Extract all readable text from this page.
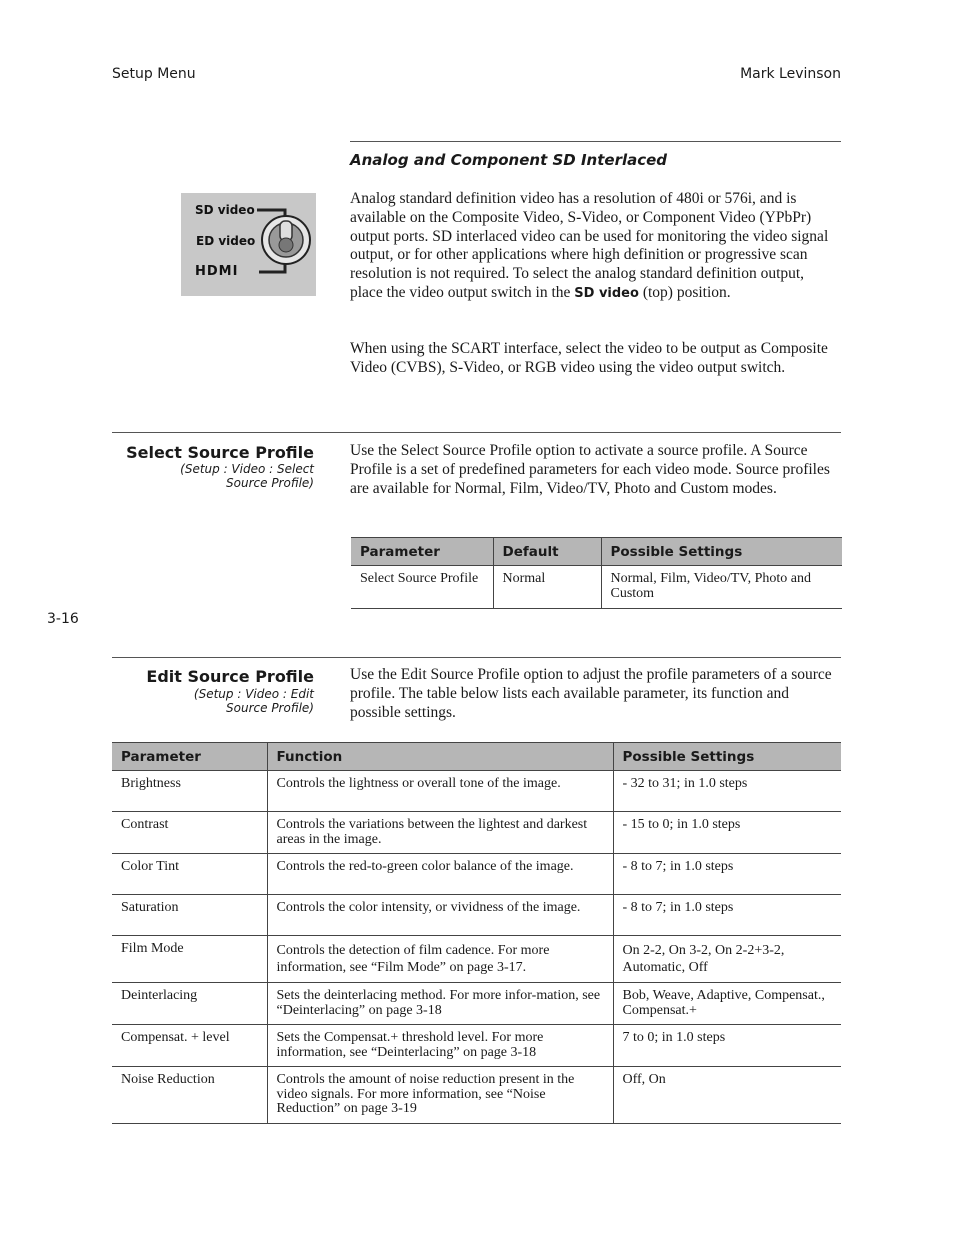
Setup Menu	Mark Levinson
Analog and Component SD Interlaced
SD video
ED video
HDMI
Analog standard definition video has a resolution of 480i or 576i, and is available on the Composite Video, S-Video, or Component Video (YPbPr) output ports. SD interlaced video can be used for monitoring the video signal output, or for other applications where high definition or progressive scan resolution is not required. To select the analog standard definition output, place the video output switch in the SD video (top) position.
When using the SCART interface, select the video to be output as Composite Video (CVBS), S-Video, or RGB video using the video output switch.
Select Source Profile
(Setup : Video : Select
Source Profile)
Use the Select Source Profile option to activate a source profile. A Source Profile is a set of predefined parameters for each video mode. Source profiles are available for Normal, Film, Video/TV, Photo and Custom modes.
Parameter	Default	Possible Settings
Select Source Profile	Normal	Normal, Film, Video/TV, Photo and Custom
3-16
Edit Source Profile
(Setup : Video : Edit
Source Profile)
Use the Edit Source Profile option to adjust the profile parameters of a source profile. The table below lists each available parameter, its function and possible settings.
Parameter	Function	Possible Settings
Brightness	Controls the lightness or overall tone of the image.	- 32 to 31; in 1.0 steps
Contrast	Controls the variations between the lightest and darkest areas in the image.	- 15 to 0; in 1.0 steps
Color Tint	Controls the red-to-green color balance of the image.	- 8 to 7; in 1.0 steps
Saturation	Controls the color intensity, or vividness of the image.	- 8 to 7; in 1.0 steps
Film Mode	Controls the detection of film cadence. For more information, see “Film Mode” on page 3-17.	On 2-2, On 3-2, On 2-2+3-2, Automatic, Off
Deinterlacing	Sets the deinterlacing method. For more infor-mation, see “Deinterlacing” on page 3-18	Bob, Weave, Adaptive, Compensat., Compensat.+
Compensat. + level	Sets the Compensat.+ threshold level. For more information, see “Deinterlacing” on page 3-18	7 to 0; in 1.0 steps
Noise Reduction	Controls the amount of noise reduction present in the video signals. For more information, see “Noise Reduction” on page 3-19	Off, On
